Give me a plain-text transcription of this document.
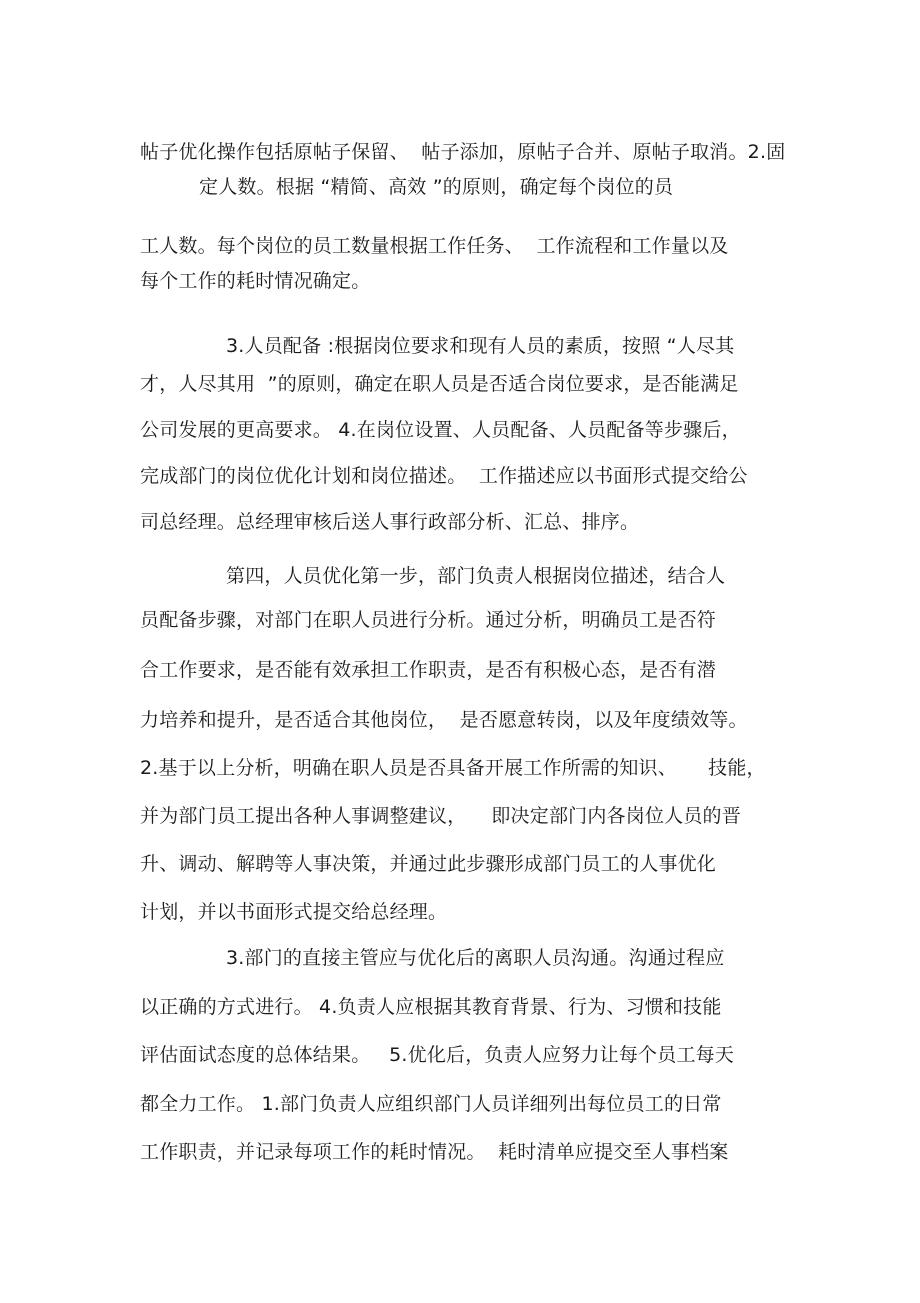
帖子优化操作包括原帖子保留、  帖子添加，原帖子合并、原帖子取消。2.固
定人数。根据 “精简、高效 ”的原则，确定每个岗位的员
工人数。每个岗位的员工数量根据工作任务、  工作流程和工作量以及
每个工作的耗时情况确定。
3.人员配备 :根据岗位要求和现有人员的素质，按照 “人尽其
才，人尽其用  ”的原则，确定在职人员是否适合岗位要求，是否能满足
公司发展的更高要求。 4.在岗位设置、人员配备、人员配备等步骤后，
完成部门的岗位优化计划和岗位描述。  工作描述应以书面形式提交给公
司总经理。总经理审核后送人事行政部分析、汇总、排序。
第四，人员优化第一步，部门负责人根据岗位描述，结合人
员配备步骤，对部门在职人员进行分析。通过分析，明确员工是否符
合工作要求，是否能有效承担工作职责，是否有积极心态，是否有潜
力培养和提升，是否适合其他岗位，  是否愿意转岗，以及年度绩效等。
2.基于以上分析，明确在职人员是否具备开展工作所需的知识、     技能，
并为部门员工提出各种人事调整建议，    即决定部门内各岗位人员的晋
升、调动、解聘等人事决策，并通过此步骤形成部门员工的人事优化
计划，并以书面形式提交给总经理。
3.部门的直接主管应与优化后的离职人员沟通。沟通过程应
以正确的方式进行。 4.负责人应根据其教育背景、行为、习惯和技能
评估面试态度的总体结果。   5.优化后，负责人应努力让每个员工每天
都全力工作。 1.部门负责人应组织部门人员详细列出每位员工的日常
工作职责，并记录每项工作的耗时情况。  耗时清单应提交至人事档案
